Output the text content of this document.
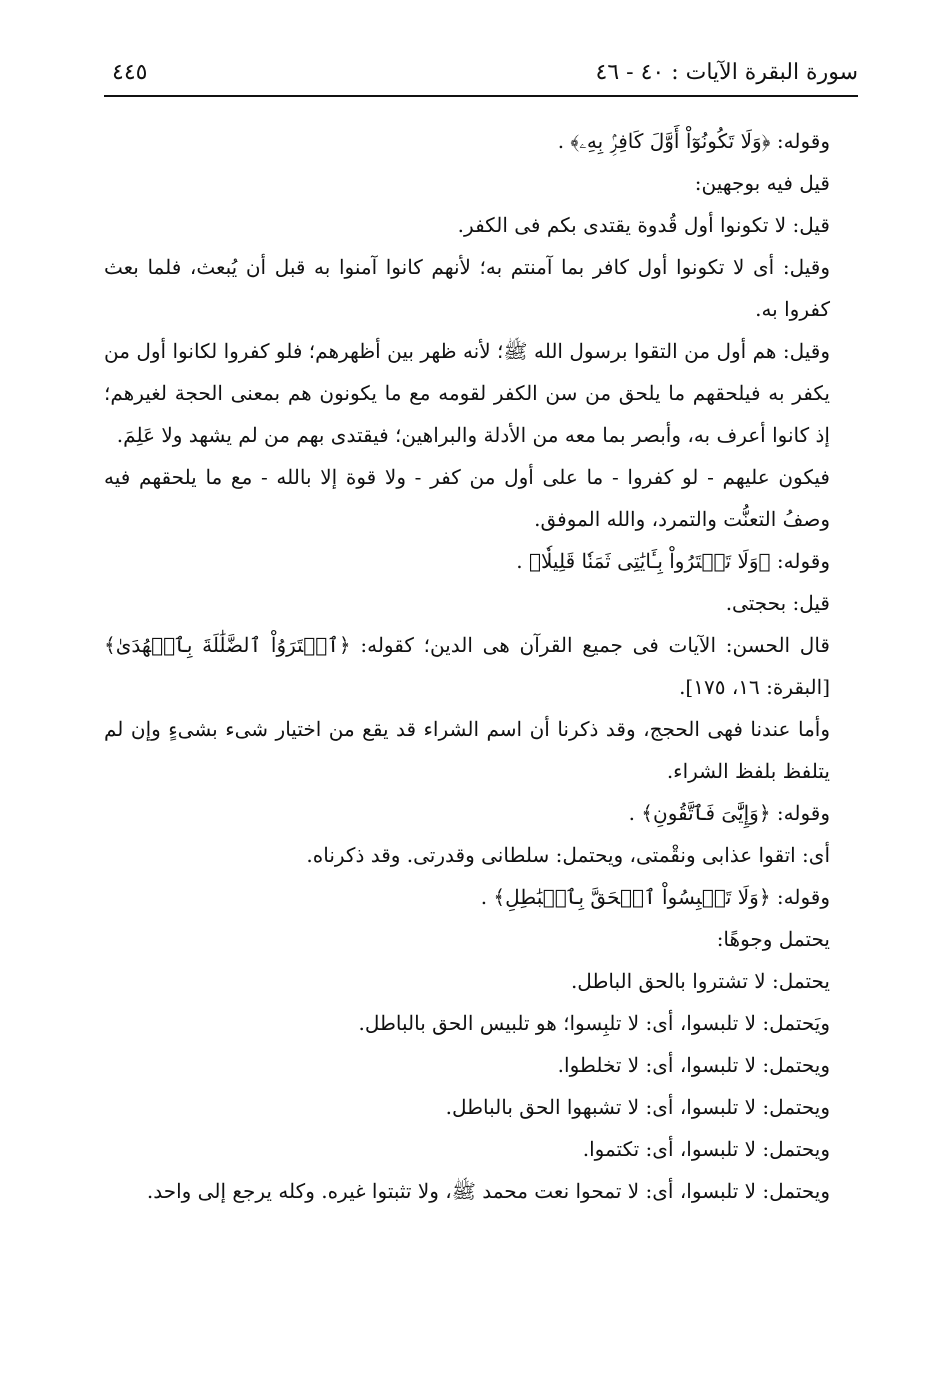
سورة البقرة الآيات : ٤٠ - ٤٦
٤٤٥

وقوله: ﴿وَلَا تَكُونُوٓاْ أَوَّلَ كَافِرِۢ بِهِۦ﴾ .

قيل فيه بوجهين:

قيل: لا تكونوا أول قُدوة يقتدى بكم فى الكفر.

وقيل: أى لا تكونوا أول كافر بما آمنتم به؛ لأنهم كانوا آمنوا به قبل أن يُبعث، فلما بعث كفروا به.

وقيل: هم أول من التقوا برسول الله ﷺ؛ لأنه ظهر بين أظهرهم؛ فلو كفروا لكانوا أول من يكفر به فيلحقهم ما يلحق من سن الكفر لقومه مع ما يكونون هم بمعنى الحجة لغيرهم؛ إذ كانوا أعرف به، وأبصر بما معه من الأدلة والبراهين؛ فيقتدى بهم من لم يشهد ولا عَلِمَ.

فيكون عليهم - لو كفروا - ما على أول من كفر - ولا قوة إلا بالله - مع ما يلحقهم فيه وصفُ التعنُّت والتمرد، والله الموفق.

وقوله: ﴿وَلَا تَشۡتَرُواْ بِـَٔايَٰتِى ثَمَنٗا قَلِيلٗا﴾ .

قيل: بحجتى.

قال الحسن: الآيات فى جميع القرآن هى الدين؛ كقوله: ﴿ٱشۡتَرَوُاْ ٱلضَّلَٰلَةَ بِٱلۡهُدَىٰ﴾ [البقرة: ١٦، ١٧٥].

وأما عندنا فهى الحجج، وقد ذكرنا أن اسم الشراء قد يقع من اختيار شىء بشىءٍ وإن لم يتلفظ بلفظ الشراء.

وقوله: ﴿وَإِيَّٰىَ فَٱتَّقُونِ﴾ .

أى: اتقوا عذابى ونقْمتى، ويحتمل: سلطانى وقدرتى. وقد ذكرناه.

وقوله: ﴿وَلَا تَلۡبِسُواْ ٱلۡحَقَّ بِٱلۡبَٰطِلِ﴾ .

يحتمل وجوهًا:

يحتمل: لا تشتروا بالحق الباطل.

ويَحتمل: لا تلبسوا، أى: لا تلبِسوا؛ هو تلبيس الحق بالباطل.

ويحتمل: لا تلبسوا، أى: لا تخلطوا.

ويحتمل: لا تلبسوا، أى: لا تشبهوا الحق بالباطل.

ويحتمل: لا تلبسوا، أى: تكتموا.

ويحتمل: لا تلبسوا، أى: لا تمحوا نعت محمد ﷺ، ولا تثبتوا غيره. وكله يرجع إلى واحد.
